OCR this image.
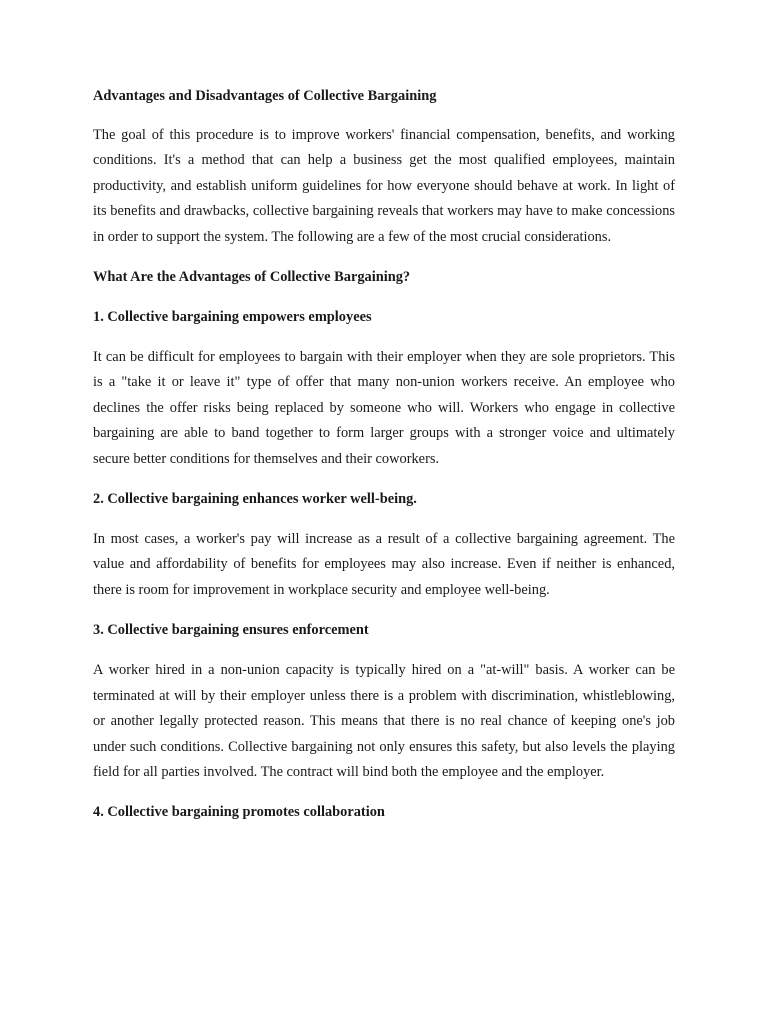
Advantages and Disadvantages of Collective Bargaining

The goal of this procedure is to improve workers' financial compensation, benefits, and working conditions. It's a method that can help a business get the most qualified employees, maintain productivity, and establish uniform guidelines for how everyone should behave at work. In light of its benefits and drawbacks, collective bargaining reveals that workers may have to make concessions in order to support the system. The following are a few of the most crucial considerations.

What Are the Advantages of Collective Bargaining?
1. Collective bargaining empowers employees

It can be difficult for employees to bargain with their employer when they are sole proprietors. This is a "take it or leave it" type of offer that many non-union workers receive. An employee who declines the offer risks being replaced by someone who will. Workers who engage in collective bargaining are able to band together to form larger groups with a stronger voice and ultimately secure better conditions for themselves and their coworkers.

2. Collective bargaining enhances worker well-being.

In most cases, a worker's pay will increase as a result of a collective bargaining agreement. The value and affordability of benefits for employees may also increase. Even if neither is enhanced, there is room for improvement in workplace security and employee well-being.

3. Collective bargaining ensures enforcement

A worker hired in a non-union capacity is typically hired on a "at-will" basis. A worker can be terminated at will by their employer unless there is a problem with discrimination, whistleblowing, or another legally protected reason. This means that there is no real chance of keeping one's job under such conditions. Collective bargaining not only ensures this safety, but also levels the playing field for all parties involved. The contract will bind both the employee and the employer.

4. Collective bargaining promotes collaboration
